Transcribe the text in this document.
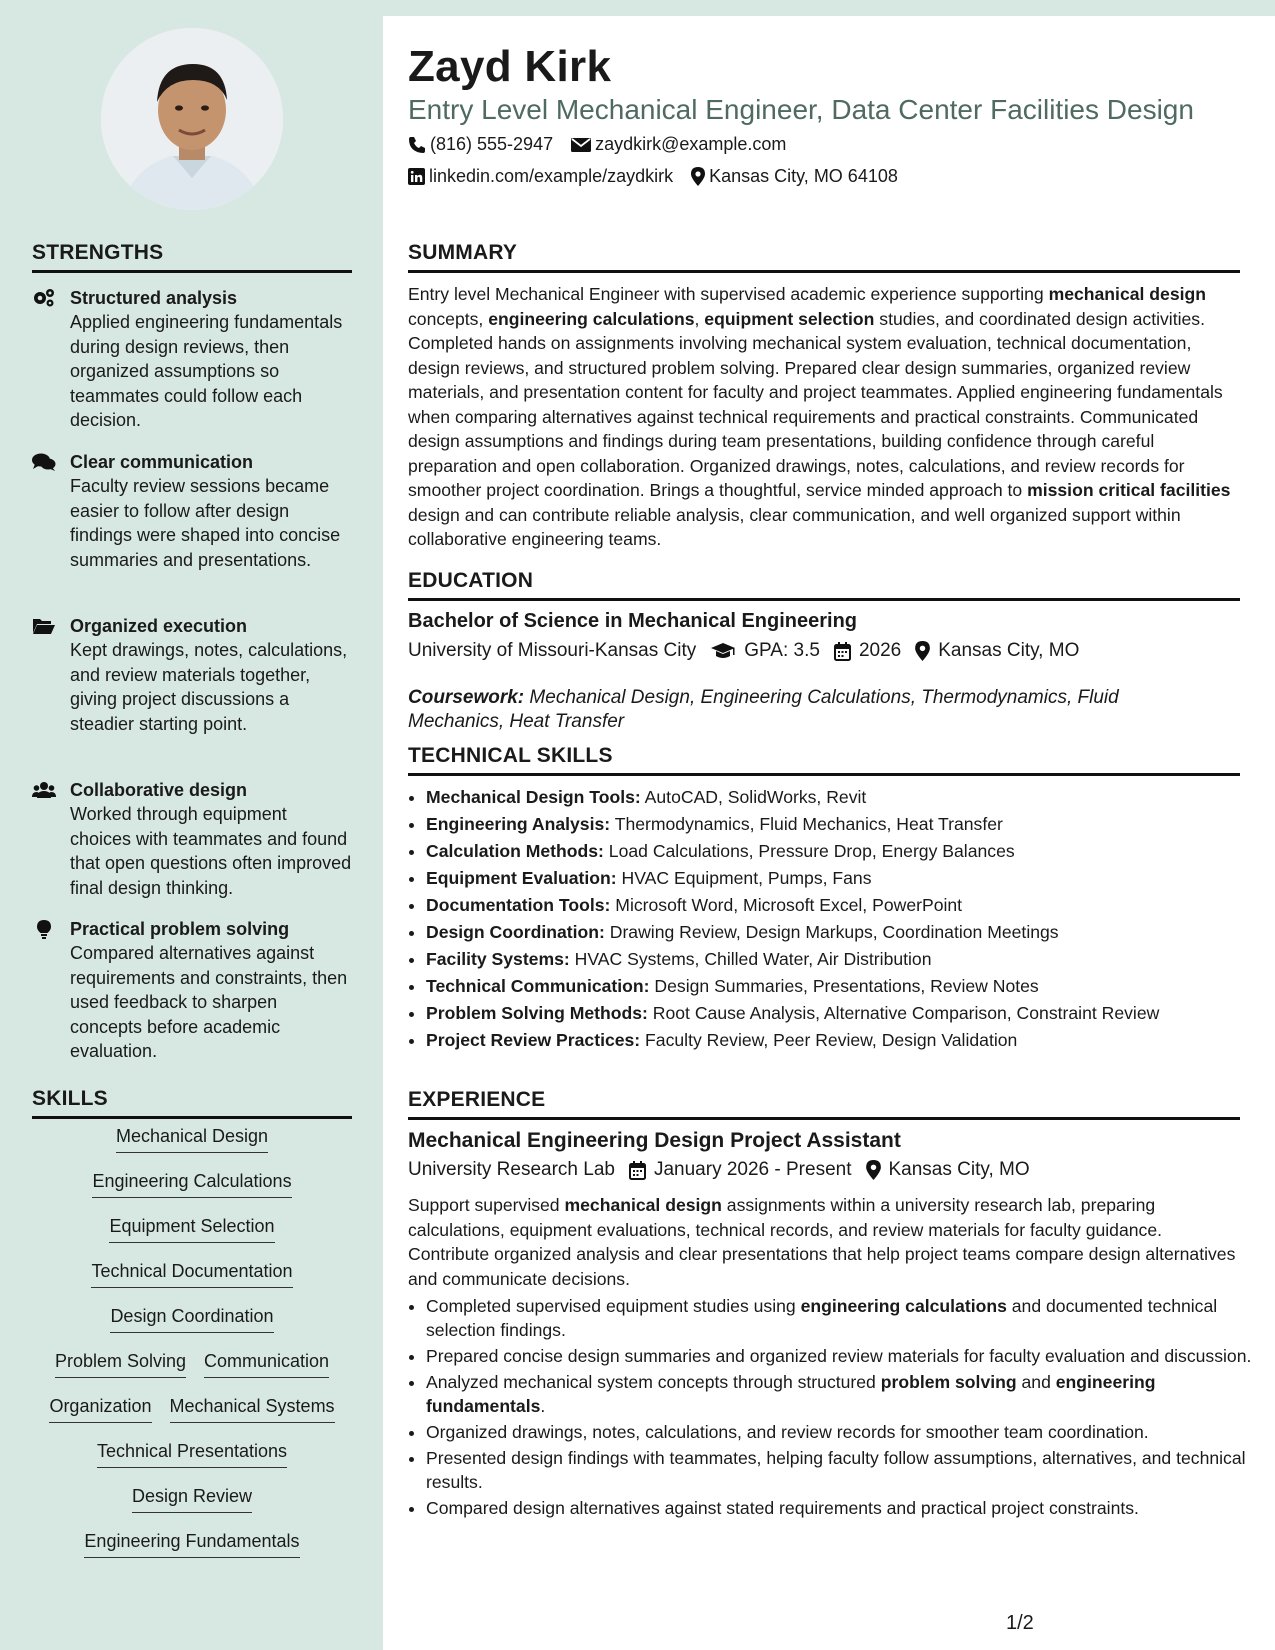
STRENGTHS
Structured analysis
Applied engineering fundamentals during design reviews, then organized assumptions so teammates could follow each decision.
Clear communication
Faculty review sessions became easier to follow after design findings were shaped into concise summaries and presentations.
Organized execution
Kept drawings, notes, calculations, and review materials together, giving project discussions a steadier starting point.
Collaborative design
Worked through equipment choices with teammates and found that open questions often improved final design thinking.
Practical problem solving
Compared alternatives against requirements and constraints, then used feedback to sharpen concepts before academic evaluation.
SKILLS
Mechanical Design
Engineering Calculations
Equipment Selection
Technical Documentation
Design Coordination
Problem Solving Communication
Organization Mechanical Systems
Technical Presentations
Design Review
Engineering Fundamentals
Zayd Kirk
Entry Level Mechanical Engineer, Data Center Facilities Design
(816) 555-2947 zaydkirk@example.com
linkedin.com/example/zaydkirk Kansas City, MO 64108
SUMMARY
Entry level Mechanical Engineer with supervised academic experience supporting mechanical design concepts, engineering calculations, equipment selection studies, and coordinated design activities. Completed hands on assignments involving mechanical system evaluation, technical documentation, design reviews, and structured problem solving. Prepared clear design summaries, organized review materials, and presentation content for faculty and project teammates. Applied engineering fundamentals when comparing alternatives against technical requirements and practical constraints. Communicated design assumptions and findings during team presentations, building confidence through careful preparation and open collaboration. Organized drawings, notes, calculations, and review records for smoother project coordination. Brings a thoughtful, service minded approach to mission critical facilities design and can contribute reliable analysis, clear communication, and well organized support within collaborative engineering teams.
EDUCATION
Bachelor of Science in Mechanical Engineering
University of Missouri-Kansas City	GPA: 3.5 2026 Kansas City, MO
Coursework: Mechanical Design, Engineering Calculations, Thermodynamics, Fluid Mechanics, Heat Transfer
TECHNICAL SKILLS
• Mechanical Design Tools: AutoCAD, SolidWorks, Revit
• Engineering Analysis: Thermodynamics, Fluid Mechanics, Heat Transfer
• Calculation Methods: Load Calculations, Pressure Drop, Energy Balances
• Equipment Evaluation: HVAC Equipment, Pumps, Fans
• Documentation Tools: Microsoft Word, Microsoft Excel, PowerPoint
• Design Coordination: Drawing Review, Design Markups, Coordination Meetings
• Facility Systems: HVAC Systems, Chilled Water, Air Distribution
• Technical Communication: Design Summaries, Presentations, Review Notes
• Problem Solving Methods: Root Cause Analysis, Alternative Comparison, Constraint Review
• Project Review Practices: Faculty Review, Peer Review, Design Validation
EXPERIENCE
Mechanical Engineering Design Project Assistant
University Research Lab January 2026 - Present Kansas City, MO
Support supervised mechanical design assignments within a university research lab, preparing calculations, equipment evaluations, technical records, and review materials for faculty guidance. Contribute organized analysis and clear presentations that help project teams compare design alternatives and communicate decisions.
• Completed supervised equipment studies using engineering calculations and documented technical selection findings.
• Prepared concise design summaries and organized review materials for faculty evaluation and discussion.
• Analyzed mechanical system concepts through structured problem solving and engineering fundamentals.
• Organized drawings, notes, calculations, and review records for smoother team coordination.
• Presented design findings with teammates, helping faculty follow assumptions, alternatives, and technical results.
• Compared design alternatives against stated requirements and practical project constraints.
1/2
